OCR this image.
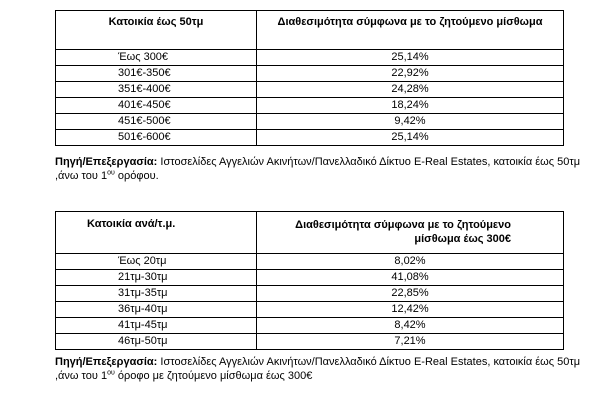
Κατοικία έως 50τμ	Διαθεσιμότητα σύμφωνα με το ζητούμενο μίσθωμα
Έως 300€	25,14%
301€-350€	22,92%
351€-400€	24,28%
401€-450€	18,24%
451€-500€	9,42%
501€-600€	25,14%
Πηγή/Επεξεργασία: Ιστοσελίδες Αγγελιών Ακινήτων/Πανελλαδικό Δίκτυο E-Real Estates, κατοικία έως 50τμ ,άνω του $1^{o\upsilon}$ ορόφου.
Κατοικία ανά/τ.μ.	Διαθεσιμότητα σύμφωνα με το ζητούμενο
μίσθωμα έως 300€
Έως 20τμ	8,02%
21τμ-30τμ	41,08%
31τμ-35τμ	22,85%
36τμ-40τμ	12,42%
41τμ-45τμ	8,42%
46τμ-50τμ	7,21%
Πηγή/Επεξεργασία: Ιστοσελίδες Αγγελιών Ακινήτων/Πανελλαδικό Δίκτυο E-Real Estates, κατοικία έως 50τμ ,άνω του $1^{o\upsilon}$ όροφο με ζητούμενο μίσθωμα έως 300€
